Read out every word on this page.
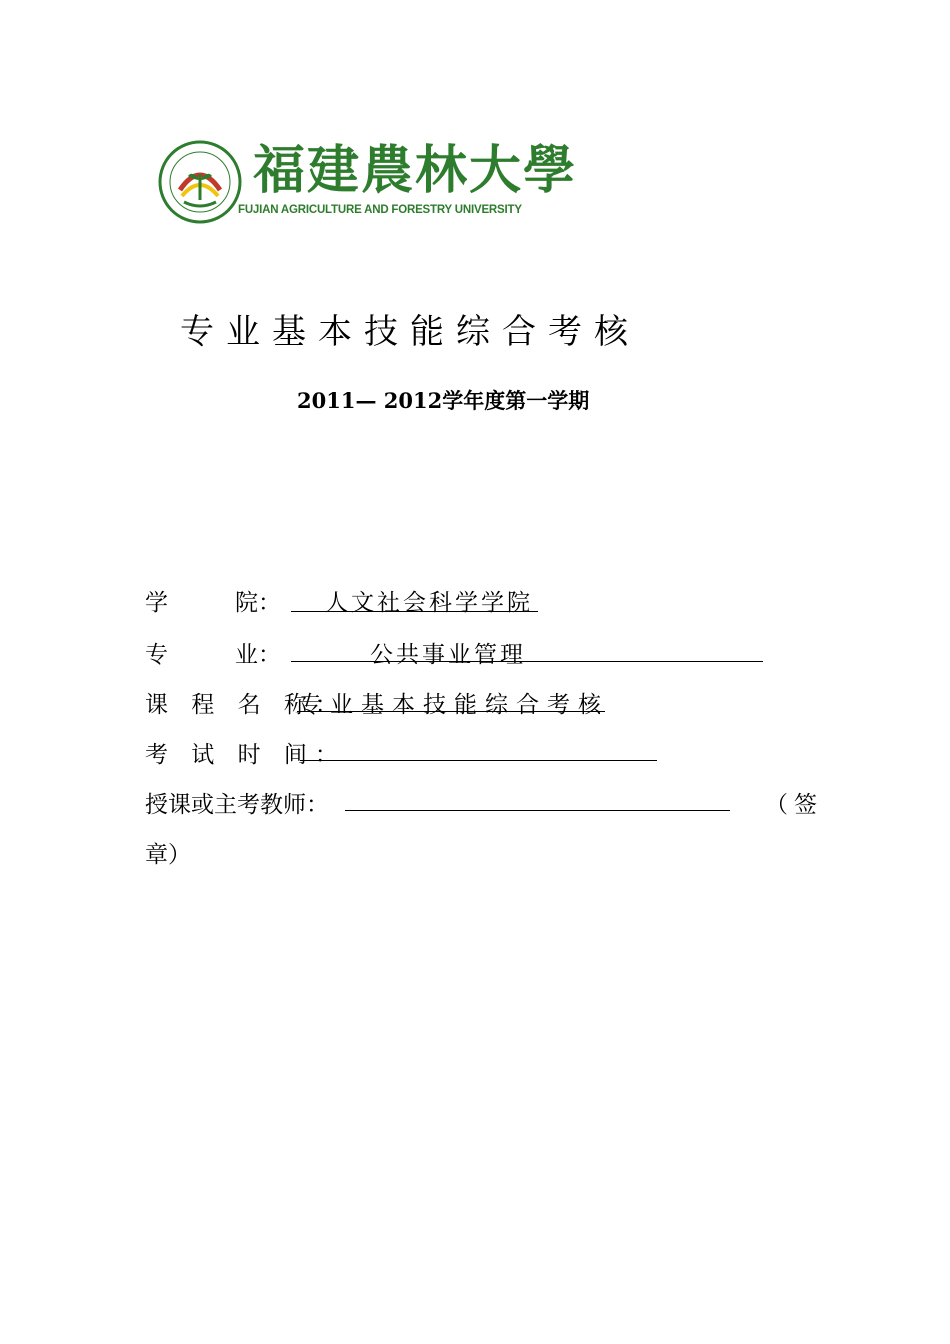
福建農林大學
FUJIAN AGRICULTURE AND FORESTRY UNIVERSITY
专业基本技能综合考核
2011— 2012学年度第一学期
学	院： 人文社会科学学院
专	业：	公共事业管理
课 程 名 称：
专业基本技能综合考核
考 试 时 间：
授课或主考教师：	（签
章）
